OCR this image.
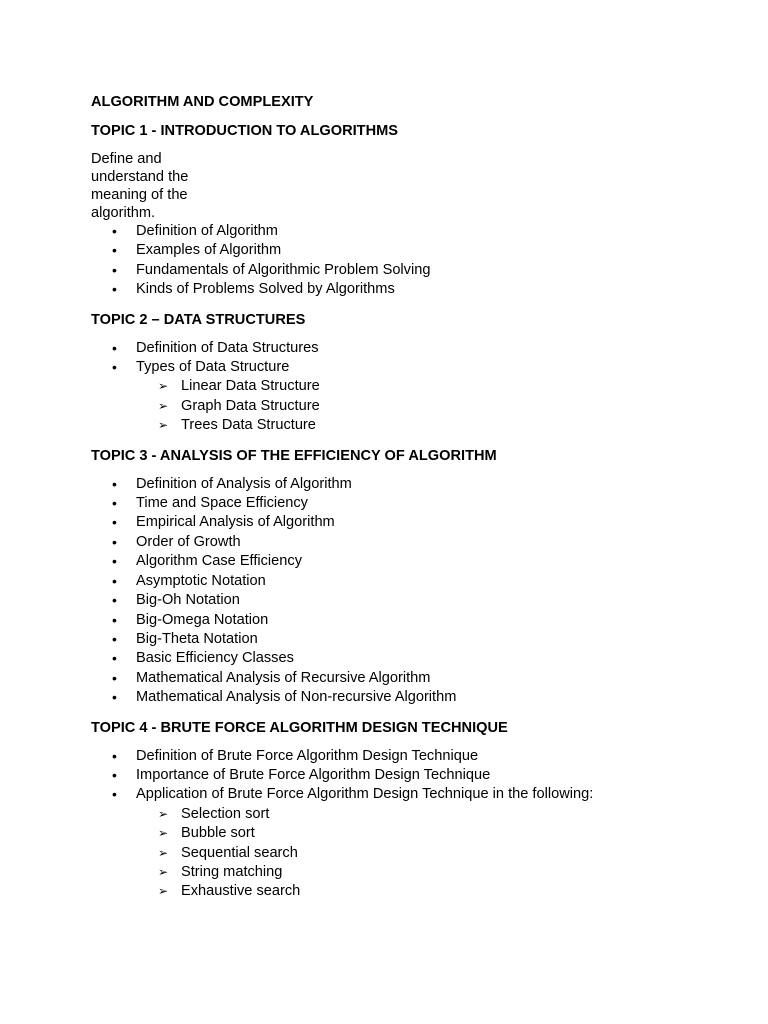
ALGORITHM AND COMPLEXITY
TOPIC 1 - INTRODUCTION TO ALGORITHMS

Define and understand the meaning of the algorithm.

• Definition of Algorithm
• Examples of Algorithm
• Fundamentals of Algorithmic Problem Solving
• Kinds of Problems Solved by Algorithms
TOPIC 2 – DATA STRUCTURES
• Definition of Data Structures
• Types of Data Structure
➢ Linear Data Structure
➢ Graph Data Structure
➢ Trees Data Structure
TOPIC 3 - ANALYSIS OF THE EFFICIENCY OF ALGORITHM
• Definition of Analysis of Algorithm
• Time and Space Efficiency
• Empirical Analysis of Algorithm
• Order of Growth
• Algorithm Case Efficiency
• Asymptotic Notation
• Big-Oh Notation
• Big-Omega Notation
• Big-Theta Notation
• Basic Efficiency Classes
• Mathematical Analysis of Recursive Algorithm
• Mathematical Analysis of Non-recursive Algorithm
TOPIC 4 - BRUTE FORCE ALGORITHM DESIGN TECHNIQUE
• Definition of Brute Force Algorithm Design Technique
• Importance of Brute Force Algorithm Design Technique
• Application of Brute Force Algorithm Design Technique in the following:
➢ Selection sort
➢ Bubble sort
➢ Sequential search
➢ String matching
➢ Exhaustive search
